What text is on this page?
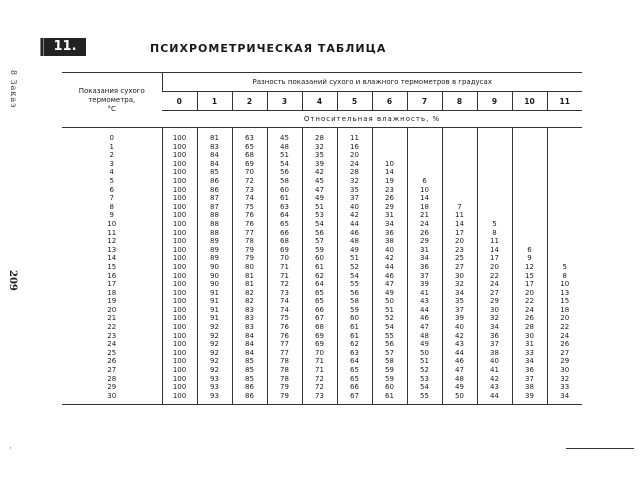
8 Заказ
209
'
11.	ПСИХРОМЕТРИЧЕСКАЯ ТАБЛИЦА
Показания сухого
термометра,
°C	Разность показаний сухого и влажного термометров в градусах											
	0	1	2	3	4	5	6	7	8	9	10	11
	Относительная влажность, %											
0	100	81	63	45	28	11						
1	100	83	65	48	32	16						
2	100	84	68	51	35	20						
3	100	84	69	54	39	24	10					
4	100	85	70	56	42	28	14					
5	100	86	72	58	45	32	19	6				
6	100	86	73	60	47	35	23	10				
7	100	87	74	61	49	37	26	14				
8	100	87	75	63	51	40	29	18	7			
9	100	88	76	64	53	42	31	21	11			
10	100	88	76	65	54	44	34	24	14	5		
11	100	88	77	66	56	46	36	26	17	8		
12	100	89	78	68	57	48	38	29	20	11		
13	100	89	79	69	59	49	40	31	23	14	6	
14	100	89	79	70	60	51	42	34	25	17	9	
15	100	90	80	71	61	52	44	36	27	20	12	5
16	100	90	81	71	62	54	46	37	30	22	15	8
17	100	90	81	72	64	55	47	39	32	24	17	10
18	100	91	82	73	65	56	49	41	34	27	20	13
19	100	91	82	74	65	58	50	43	35	29	22	15
20	100	91	83	74	66	59	51	44	37	30	24	18
21	100	91	83	75	67	60	52	46	39	32	26	20
22	100	92	83	76	68	61	54	47	40	34	28	22
23	100	92	84	76	69	61	55	48	42	36	30	24
24	100	92	84	77	69	62	56	49	43	37	31	26
25	100	92	84	77	70	63	57	50	44	38	33	27
26	100	92	85	78	71	64	58	51	46	40	34	29
27	100	92	85	78	71	65	59	52	47	41	36	30
28	100	93	85	78	72	65	59	53	48	42	37	32
29	100	93	86	79	72	66	60	54	49	43	38	33
30	100	93	86	79	73	67	61	55	50	44	39	34
